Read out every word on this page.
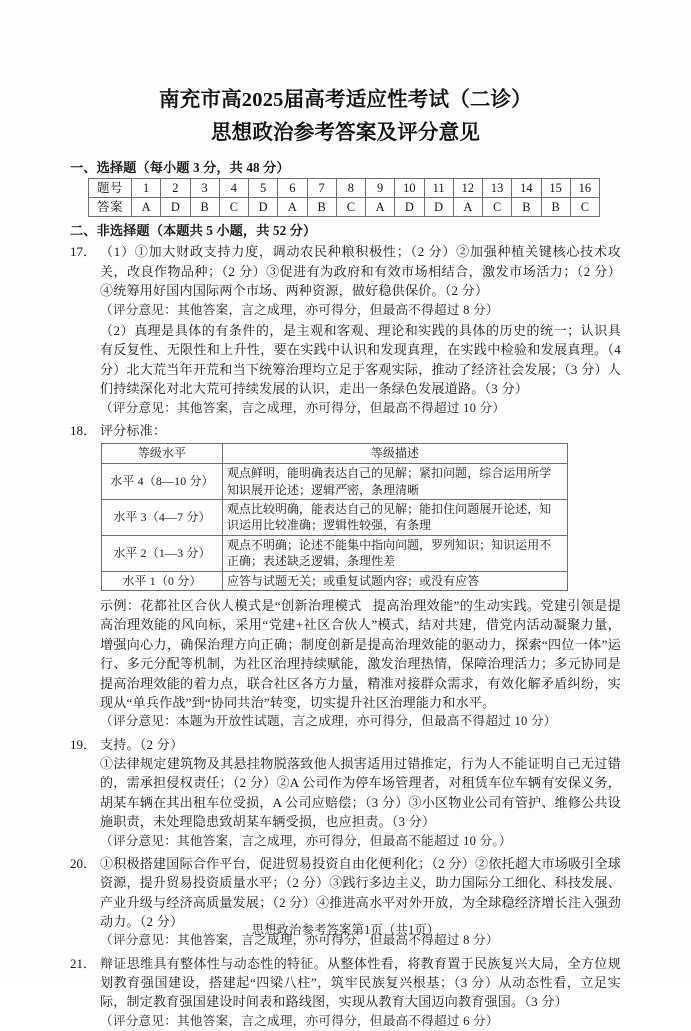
南充市高2025届高考适应性考试（二诊）
思想政治参考答案及评分意见
一、选择题（每小题 3 分，共 48 分）
题号	1	2	3	4	5	6	7	8	9	10	11	12	13	14	15	16
答案	A	D	B	C	D	A	B	C	A	D	D	A	C	B	B	C
二、非选择题（本题共 5 小题，共 52 分）
17． （1）①加大财政支持力度，调动农民种粮积极性；（2 分）②加强种植关键核心技术攻关，改良作物品种；（2 分）③促进有为政府和有效市场相结合，激发市场活力；（2 分）④统筹用好国内国际两个市场、两种资源，做好稳供保价。（2 分）
（评分意见：其他答案，言之成理，亦可得分，但最高不得超过 8 分）
（2）真理是具体的有条件的，是主观和客观、理论和实践的具体的历史的统一；认识具有反复性、无限性和上升性，要在实践中认识和发现真理，在实践中检验和发展真理。（4 分）北大荒当年开荒和当下统筹治理均立足于客观实际，推动了经济社会发展；（3 分）人们持续深化对北大荒可持续发展的认识，走出一条绿色发展道路。（3 分）
（评分意见：其他答案，言之成理，亦可得分，但最高不得超过 10 分）
18． 评分标准：
等级水平	等级描述
水平 4（8—10 分）	观点鲜明，能明确表达自己的见解；紧扣问题，综合运用所学知识展开论述；逻辑严密，条理清晰
水平 3（4—7 分）	观点比较明确，能表达自己的见解；能扣住问题展开论述，知识运用比较准确；逻辑性较强，有条理
水平 2（1—3 分）	观点不明确；论述不能集中指向问题，罗列知识；知识运用不正确；表述缺乏逻辑，条理性差
水平 1（0 分）	应答与试题无关；或重复试题内容；或没有应答
示例：花都社区合伙人模式是“创新治理模式 提高治理效能”的生动实践。党建引领是提高治理效能的风向标，采用“党建+社区合伙人”模式，结对共建，借党内活动凝聚力量，增强向心力，确保治理方向正确；制度创新是提高治理效能的驱动力，探索“四位一体”运行、多元分配等机制，为社区治理持续赋能，激发治理热情，保障治理活力；多元协同是提高治理效能的着力点，联合社区各方力量，精准对接群众需求，有效化解矛盾纠纷，实现从“单兵作战”到“协同共治”转变，切实提升社区治理能力和水平。
（评分意见：本题为开放性试题，言之成理，亦可得分，但最高不得超过 10 分）
19． 支持。（2 分）
①法律规定建筑物及其悬挂物脱落致他人损害适用过错推定，行为人不能证明自己无过错的，需承担侵权责任；（2 分）②A 公司作为停车场管理者，对租赁车位车辆有安保义务，胡某车辆在其出租车位受损，A 公司应赔偿；（3 分）③小区物业公司有管护、维修公共设施职责，未处理隐患致胡某车辆受损，也应担责。（3 分）
（评分意见：其他答案，言之成理，亦可得分，但最高不能超过 10 分。）
20． ①积极搭建国际合作平台，促进贸易投资自由化便利化；（2 分）②依托超大市场吸引全球资源，提升贸易投资质量水平；（2 分）③践行多边主义，助力国际分工细化、科技发展、产业升级与经济高质量发展；（2 分）④推进高水平对外开放，为全球稳经济增长注入强劲动力。（2 分）
（评分意见：其他答案，言之成理，亦可得分，但最高不得超过 8 分）
21． 辩证思维具有整体性与动态性的特征。从整体性看，将教育置于民族复兴大局，全方位规划教育强国建设，搭建起“四梁八柱”，筑牢民族复兴根基；（3 分）从动态性看，立足实际，制定教育强国建设时间表和路线图，实现从教育大国迈向教育强国。（3 分）
（评分意见：其他答案，言之成理，亦可得分，但最高不得超过 6 分）
思想政治参考答案第1页（共1页）
